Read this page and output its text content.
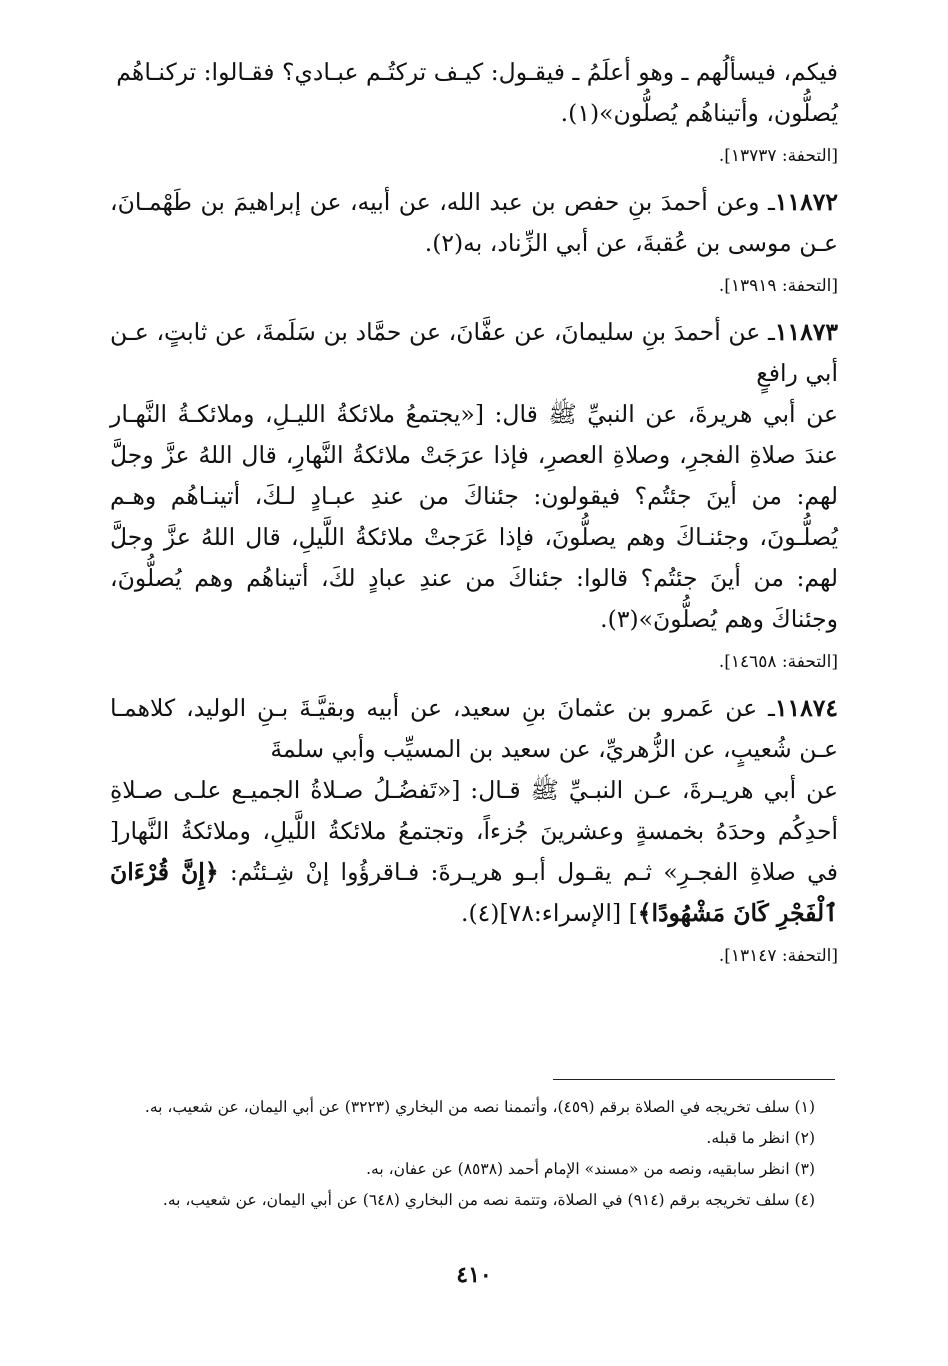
فيكم، فيسألُهم ـ وهو أعلَمُ ـ فيقـول: كيـف تركتُـم عبـادي؟ فقـالوا: تركنـاهُم
يُصلُّون، وأتيناهُم يُصلُّون»(١).

[التحفة: ١٣٧٣٧].

١١٨٧٢ـ وعن أحمدَ بنِ حفص بن عبد الله، عن أبيه، عن إبراهيمَ بن طَهْمـانَ، عـن موسى بن عُقبةَ، عن أبي الزِّناد، به(٢).

[التحفة: ١٣٩١٩].

١١٨٧٣ـ عن أحمدَ بنِ سليمانَ، عن عفَّانَ، عن حمَّاد بن سَلَمةَ، عن ثابتٍ، عـن أبي رافعٍ

عن أبي هريرةَ، عن النبيِّ ﷺ قال: [«يجتمعُ ملائكةُ الليـلِ، وملائكـةُ النَّهـار عندَ صلاةِ الفجرِ، وصلاةِ العصرِ، فإذا عرَجَتْ ملائكةُ النَّهارِ، قال اللهُ عزَّ وجلَّ لهم: من أينَ جئتُم؟ فيقولون: جئناكَ من عندِ عبـادٍ لـكَ، أتينـاهُم وهـم يُصلُّـونَ، وجئنـاكَ وهم يصلُّونَ، فإذا عَرَجتْ ملائكةُ اللَّيلِ، قال اللهُ عزَّ وجلَّ لهم: من أينَ جئتُم؟ قالوا: جئناكَ من عندِ عبادٍ لكَ، أتيناهُم وهم يُصلُّونَ، وجئناكَ وهم يُصلُّونَ»(٣).

[التحفة: ١٤٦٥٨].

١١٨٧٤ـ عن عَمرو بن عثمانَ بنِ سعيد، عن أبيه وبقيَّـةَ بـنِ الوليد، كلاهمـا عـن شُعيبٍ، عن الزُّهريِّ، عن سعيد بن المسيِّب وأبي سلمةَ

عن أبي هريـرةَ، عـن النبـيِّ ﷺ قـال: [«تَفضُـلُ صـلاةُ الجميـع علـى صـلاةِ أحدِكُم وحدَهُ بخمسةٍ وعشرينَ جُزءاً، وتجتمعُ ملائكةُ اللَّيلِ، وملائكةُ النَّهار[ في صلاةِ الفجـرِ» ثـم يقـول أبـو هريـرةَ: فـاقرؤُوا إنْ شِـئتُم: ﴿إِنَّ قُرْءَانَ ٱلْفَجْرِ كَانَ مَشْهُودًا﴾] [الإسراء:٧٨](٤).

[التحفة: ١٣١٤٧].

(١) سلف تخريجه في الصلاة برقم (٤٥٩)، وأتممنا نصه من البخاري (٣٢٢٣) عن أبي اليمان، عن شعيب، به.

(٢) انظر ما قبله.

(٣) انظر سابقيه، ونصه من «مسند» الإمام أحمد (٨٥٣٨) عن عفان، به.

(٤) سلف تخريجه برقم (٩١٤) في الصلاة، وتتمة نصه من البخاري (٦٤٨) عن أبي اليمان، عن شعيب، به.

٤١٠
